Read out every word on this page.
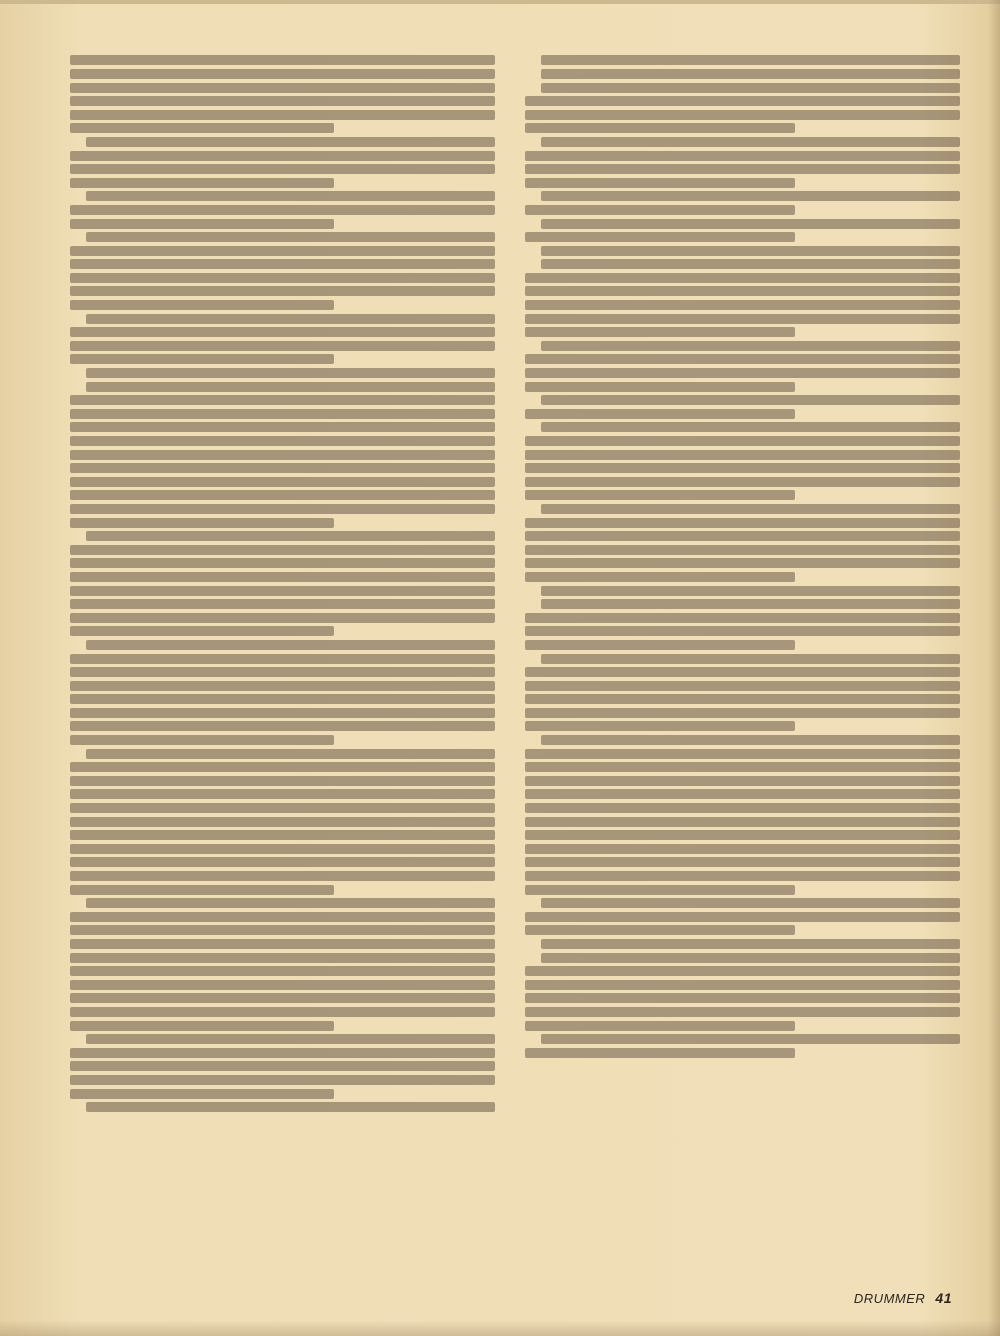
DRUMMER 41
